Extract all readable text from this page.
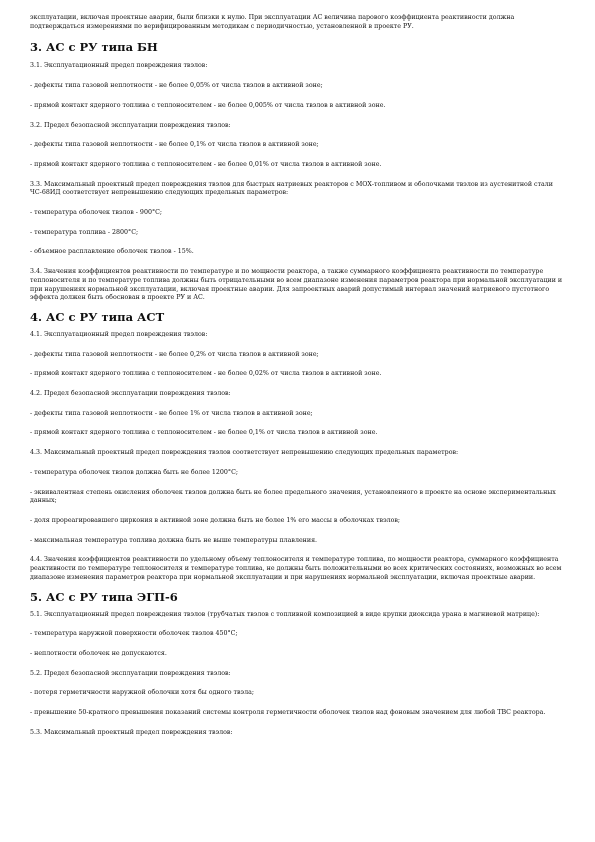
эксплуатации, включая проектные аварии, были близки к нулю. При эксплуатации АС величина парового коэффициента реактивности должна подтверждаться измерениями по верифицированным методикам с периодичностью, установленной в проекте РУ.

3. АС с РУ типа БН

3.1. Эксплуатационный предел повреждения твэлов:

- дефекты типа газовой неплотности - не более 0,05% от числа твэлов в активной зоне;

- прямой контакт ядерного топлива с теплоносителем - не более 0,005% от числа твэлов в активной зоне.

3.2. Предел безопасной эксплуатации повреждения твэлов:

- дефекты типа газовой неплотности - не более 0,1% от числа твэлов в активной зоне;

- прямой контакт ядерного топлива с теплоносителем - не более 0,01% от числа твэлов в активной зоне.

3.3. Максимальный проектный предел повреждения твэлов для быстрых натриевых реакторов с МОХ-топливом и оболочками твэлов из аустенитной стали ЧС-68ИД соответствует непревышению следующих предельных параметров:

- температура оболочек твэлов - 900°С;

- температура топлива - 2800°С;

- объемное расплавление оболочек твэлов - 15%.

3.4. Значения коэффициентов реактивности по температуре и по мощности реактора, а также суммарного коэффициента реактивности по температуре теплоносителя и по температуре топлива должны быть отрицательными во всем диапазоне изменения параметров реактора при нормальной эксплуатации и при нарушениях нормальной эксплуатации, включая проектные аварии. Для запроектных аварий допустимый интервал значений натриевого пустотного эффекта должен быть обоснован в проекте РУ и АС.

4. АС с РУ типа АСТ

4.1. Эксплуатационный предел повреждения твэлов:

- дефекты типа газовой неплотности - не более 0,2% от числа твэлов в активной зоне;

- прямой контакт ядерного топлива с теплоносителем - не более 0,02% от числа твэлов в активной зоне.

4.2. Предел безопасной эксплуатации повреждения твэлов:

- дефекты типа газовой неплотности - не более 1% от числа твэлов в активной зоне;

- прямой контакт ядерного топлива с теплоносителем - не более 0,1% от числа твэлов в активной зоне.

4.3. Максимальный проектный предел повреждения твэлов соответствует непревышению следующих предельных параметров:

- температура оболочек твэлов должна быть не более 1200°С;

- эквивалентная степень окисления оболочек твэлов должна быть не более предельного значения, установленного в проекте на основе экспериментальных данных;

- доля прореагировавшего циркония в активной зоне должна быть не более 1% его массы в оболочках твэлов;

- максимальная температура топлива должна быть не выше температуры плавления.

4.4. Значения коэффициентов реактивности по удельному объему теплоносителя и температуре топлива, по мощности реактора, суммарного коэффициента реактивности по температуре теплоносителя и температуре топлива, не должны быть положительными во всех критических состояниях, возможных во всем диапазоне изменения параметров реактора при нормальной эксплуатации и при нарушениях нормальной эксплуатации, включая проектные аварии.

5. АС с РУ типа ЭГП-6

5.1. Эксплуатационный предел повреждения твэлов (трубчатых твэлов с топливной композицией в виде крупки диоксида урана в магниевой матрице):

- температура наружной поверхности оболочек твэлов 450°С;

- неплотности оболочек не допускаются.

5.2. Предел безопасной эксплуатации повреждения твэлов:

- потеря герметичности наружной оболочки хотя бы одного твэла;

- превышение 50-кратного превышения показаний системы контроля герметичности оболочек твэлов над фоновым значением для любой ТВС реактора.

5.3. Максимальный проектный предел повреждения твэлов:
